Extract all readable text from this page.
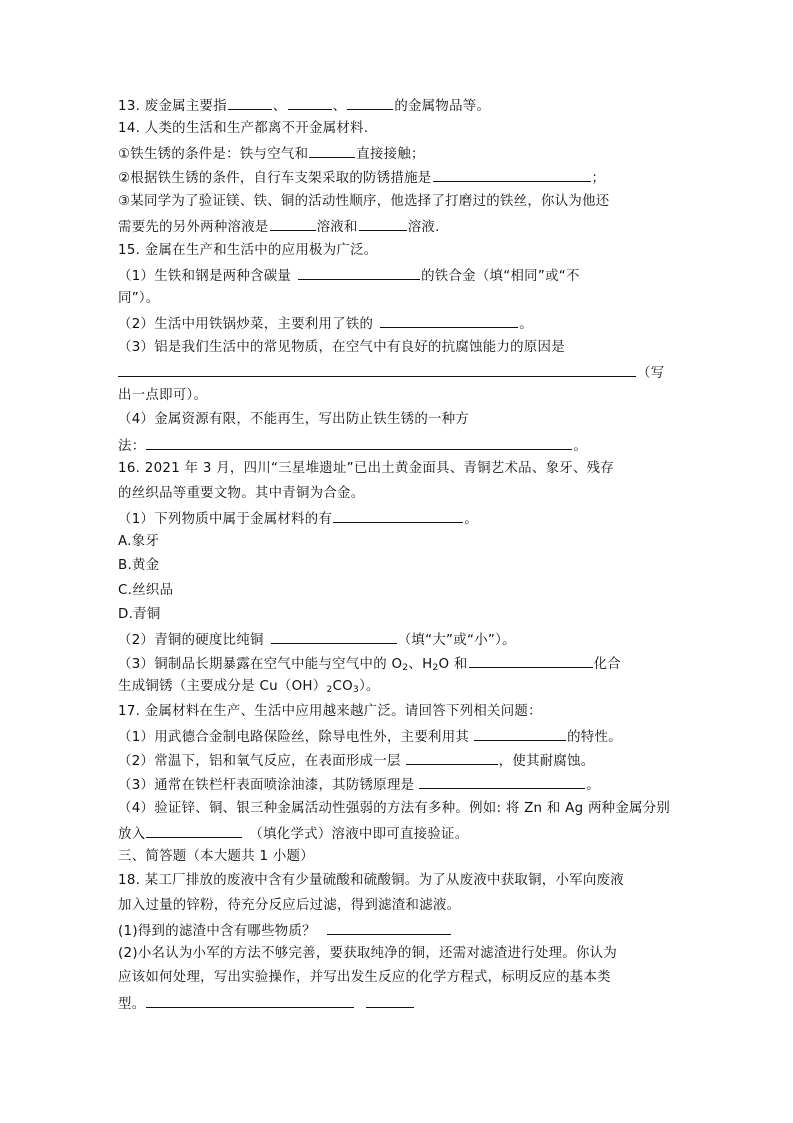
13. 废金属主要指	、	、	的金属物品等。
14. 人类的生活和生产都离不开金属材料.
①铁生锈的条件是：铁与空气和	直接接触；
②根据铁生锈的条件，自行车支架采取的防锈措施是	；
③某同学为了验证镁、铁、铜的活动性顺序，他选择了打磨过的铁丝，你认为他还
需要先的另外两种溶液是	溶液和	溶液.
15. 金属在生产和生活中的应用极为广泛。
（1）生铁和钢是两种含碳量	的铁合金（填“相同”或“不
同”）。
（2）生活中用铁锅炒菜，主要利用了铁的	。
（3）铝是我们生活中的常见物质，在空气中有良好的抗腐蚀能力的原因是
（写
出一点即可）。
（4）金属资源有限，不能再生，写出防止铁生锈的一种方
法：	。
16. 2021 年 3 月，四川“三星堆遗址”已出土黄金面具、青铜艺术品、象牙、残存
的丝织品等重要文物。其中青铜为合金。
（1）下列物质中属于金属材料的有	。
A.象牙
B.黄金
C.丝织品
D.青铜
（2）青铜的硬度比纯铜	（填“大”或“小”）。
（3）铜制品长期暴露在空气中能与空气中的 $O_2$、$H_2O$ 和	化合
生成铜锈（主要成分是 $Cu(OH)_2CO_3$）。
17. 金属材料在生产、生活中应用越来越广泛。请回答下列相关问题：
（1）用武德合金制电路保险丝，除导电性外，主要利用其	的特性。
（2）常温下，铝和氧气反应，在表面形成一层	，使其耐腐蚀。
（3）通常在铁栏杆表面喷涂油漆，其防锈原理是	。
（4）验证锌、铜、银三种金属活动性强弱的方法有多种。例如: 将 Zn 和 Ag 两种金属分别
放入	（填化学式）溶液中即可直接验证。
三、简答题（本大题共 1 小题）
18. 某工厂排放的废液中含有少量硫酸和硫酸铜。为了从废液中获取铜，小军向废液
加入过量的锌粉，待充分反应后过滤，得到滤渣和滤液。
(1)得到的滤渣中含有哪些物质？
(2)小名认为小军的方法不够完善，要获取纯净的铜，还需对滤渣进行处理。你认为
应该如何处理，写出实验操作，并写出发生反应的化学方程式，标明反应的基本类
型。
